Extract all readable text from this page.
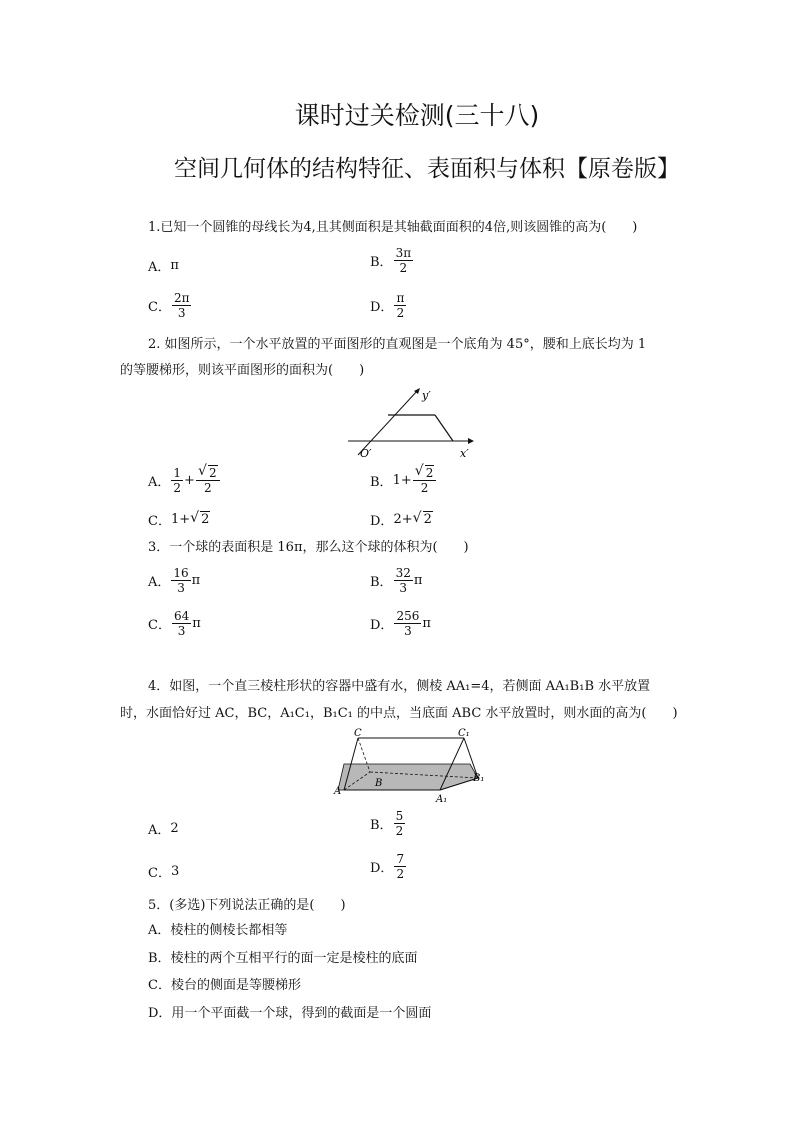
课时过关检测(三十八)
空间几何体的结构特征、表面积与体积【原卷版】
1.已知一个圆锥的母线长为4,且其侧面积是其轴截面面积的4倍,则该圆锥的高为(　　)
A． π	B． $\frac{3\pi}{2}$
C． $\frac{2\pi}{3}$	D． $\frac{\pi}{2}$
2. 如图所示，一个水平放置的平面图形的直观图是一个底角为 45°，腰和上底长均为 1
的等腰梯形，则该平面图形的面积为(　　)
y′
O′	x′
A． $\frac{1}{2} + \frac{√ 2}{2}$	B． $1+ \frac{√ 2}{2}$
C． 1+ √ 2	D． 2+ √ 2
3．一个球的表面积是 16π，那么这个球的体积为(　　)
A． $\frac{16}{3}$ π	B． $\frac{32}{3}$ π
C． $\frac{64}{3}$ π	D． $\frac{256}{3}$ π
4．如图，一个直三棱柱形状的容器中盛有水，侧棱 AA₁=4，若侧面 AA₁B₁B 水平放置
时，水面恰好过 AC，BC，A₁C₁，B₁C₁ 的中点，当底面 ABC 水平放置时，则水面的高为(　　)
C	C₁
A
B
A₁
B₁
A． 2	B． $\frac{5}{2}$
C． 3	D． $\frac{7}{2}$
5．(多选)下列说法正确的是(　　)
A．棱柱的侧棱长都相等
B．棱柱的两个互相平行的面一定是棱柱的底面
C．棱台的侧面是等腰梯形
D．用一个平面截一个球，得到的截面是一个圆面
